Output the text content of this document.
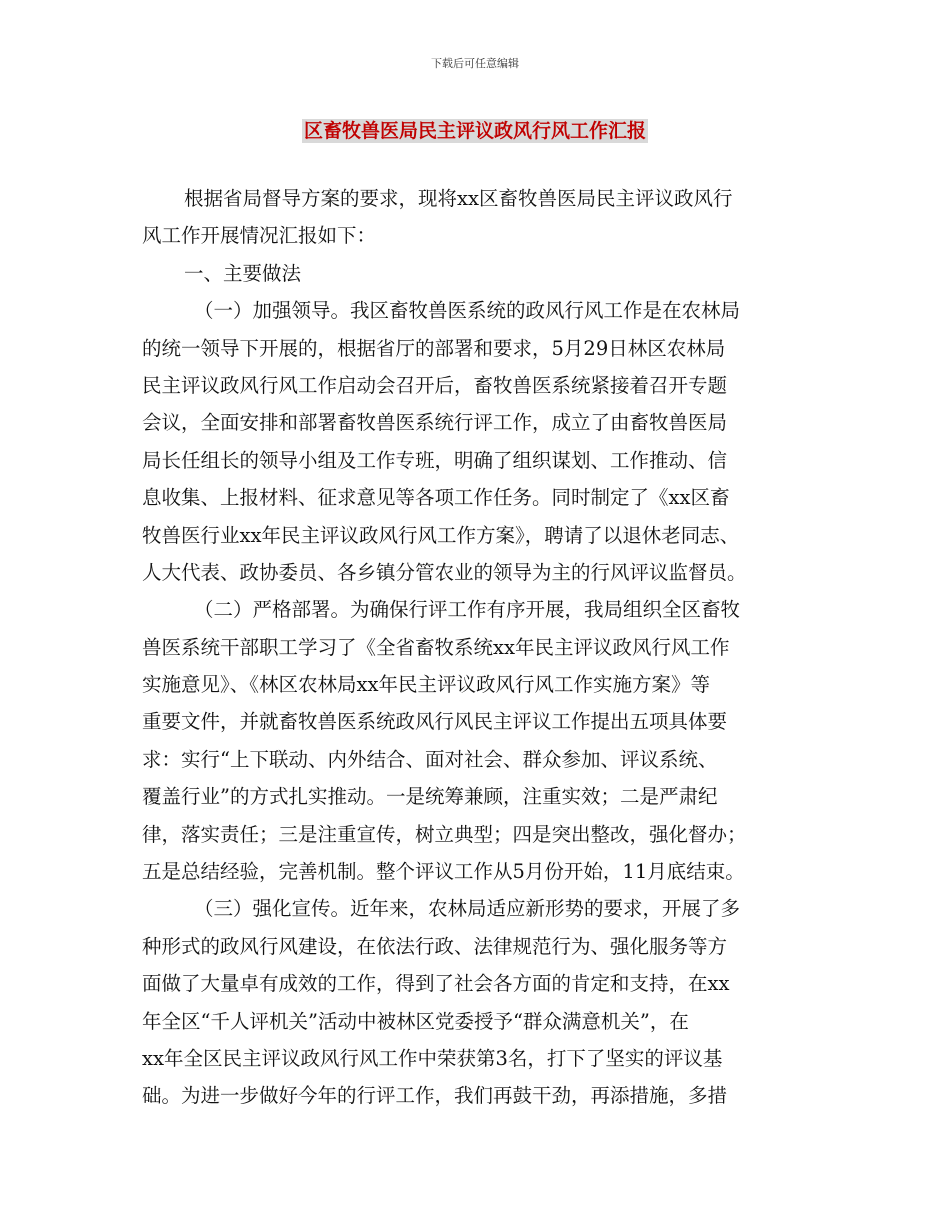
下载后可任意编辑
区畜牧兽医局民主评议政风行风工作汇报
根据省局督导方案的要求，现将xx区畜牧兽医局民主评议政风行
风工作开展情况汇报如下：
一、主要做法
（一）加强领导。我区畜牧兽医系统的政风行风工作是在农林局
的统一领导下开展的，根据省厅的部署和要求，5月29日林区农林局
民主评议政风行风工作启动会召开后，畜牧兽医系统紧接着召开专题
会议，全面安排和部署畜牧兽医系统行评工作，成立了由畜牧兽医局
局长任组长的领导小组及工作专班，明确了组织谋划、工作推动、信
息收集、上报材料、征求意见等各项工作任务。同时制定了《xx区畜
牧兽医行业xx年民主评议政风行风工作方案》，聘请了以退休老同志、
人大代表、政协委员、各乡镇分管农业的领导为主的行风评议监督员。
（二）严格部署。为确保行评工作有序开展，我局组织全区畜牧
兽医系统干部职工学习了《全省畜牧系统xx年民主评议政风行风工作
实施意见》、《林区农林局xx年民主评议政风行风工作实施方案》等
重要文件，并就畜牧兽医系统政风行风民主评议工作提出五项具体要
求：实行“上下联动、内外结合、面对社会、群众参加、评议系统、
覆盖行业”的方式扎实推动。一是统筹兼顾，注重实效；二是严肃纪
律，落实责任；三是注重宣传，树立典型；四是突出整改，强化督办；
五是总结经验，完善机制。整个评议工作从5月份开始，11月底结束。
（三）强化宣传。近年来，农林局适应新形势的要求，开展了多
种形式的政风行风建设，在依法行政、法律规范行为、强化服务等方
面做了大量卓有成效的工作，得到了社会各方面的肯定和支持，在xx
年全区“千人评机关”活动中被林区党委授予“群众满意机关”，在
xx年全区民主评议政风行风工作中荣获第3名，打下了坚实的评议基
础。为进一步做好今年的行评工作，我们再鼓干劲，再添措施，多措
